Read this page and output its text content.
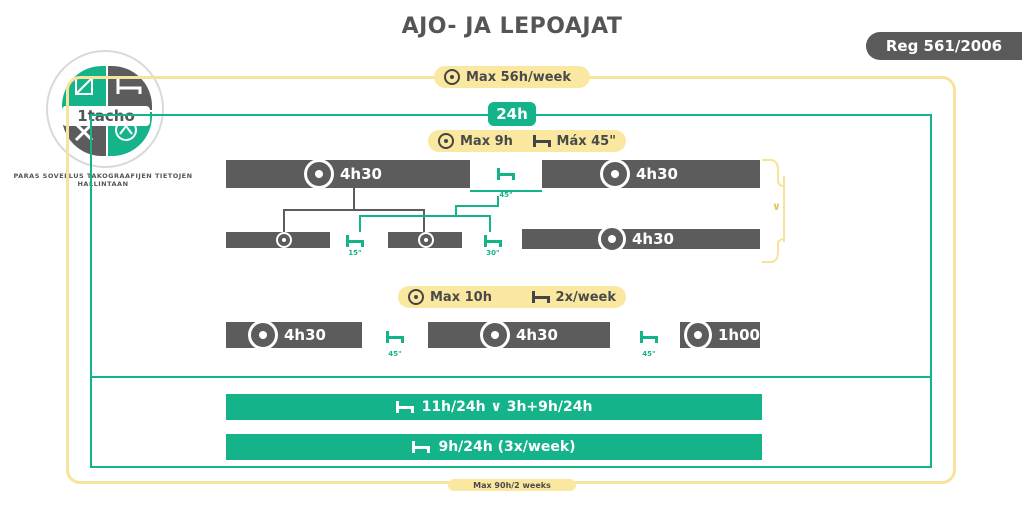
AJO- JA LEPOAJAT
Reg 561/2006
1tacho
PARAS SOVELLUS TAKOGRAAFIJEN TIETOJEN HALLINTAAN
Max 56h/week
24h
Max 9h	Máx 45"
4h30
45"
4h30
15"	30"
4h30
∨
Max 10h	2x/week
4h30
45"
4h30
45"
1h00
11h/24h ∨ 3h+9h/24h
9h/24h (3x/week)
Max 90h/2 weeks
